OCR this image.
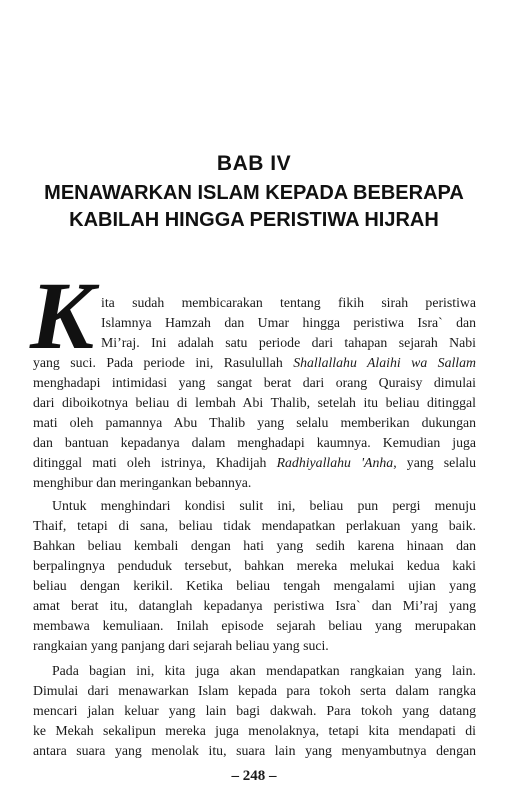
BAB IV
MENAWARKAN ISLAM KEPADA BEBERAPA
KABILAH HINGGA PERISTIWA HIJRAH
K ita sudah membicarakan tentang fikih sirah peristiwa
Islamnya Hamzah dan Umar hingga peristiwa Isra` dan
Mi’raj. Ini adalah satu periode dari tahapan sejarah Nabi
yang suci. Pada periode ini, Rasulullah Shallallahu Alaihi wa Sallam
menghadapi intimidasi yang sangat berat dari orang Quraisy dimulai
dari diboikotnya beliau di lembah Abi Thalib, setelah itu beliau ditinggal
mati oleh pamannya Abu Thalib yang selalu memberikan dukungan
dan bantuan kepadanya dalam menghadapi kaumnya. Kemudian juga
ditinggal mati oleh istrinya, Khadijah Radhiyallahu 'Anha, yang selalu
menghibur dan meringankan bebannya.
Untuk menghindari kondisi sulit ini, beliau pun pergi menuju
Thaif, tetapi di sana, beliau tidak mendapatkan perlakuan yang baik.
Bahkan beliau kembali dengan hati yang sedih karena hinaan dan
berpalingnya penduduk tersebut, bahkan mereka melukai kedua kaki
beliau dengan kerikil. Ketika beliau tengah mengalami ujian yang
amat berat itu, datanglah kepadanya peristiwa Isra` dan Mi’raj yang
membawa kemuliaan. Inilah episode sejarah beliau yang merupakan
rangkaian yang panjang dari sejarah beliau yang suci.
Pada bagian ini, kita juga akan mendapatkan rangkaian yang lain.
Dimulai dari menawarkan Islam kepada para tokoh serta dalam rangka
mencari jalan keluar yang lain bagi dakwah. Para tokoh yang datang
ke Mekah sekalipun mereka juga menolaknya, tetapi kita mendapati di
antara suara yang menolak itu, suara lain yang menyambutnya dengan
– 248 –
